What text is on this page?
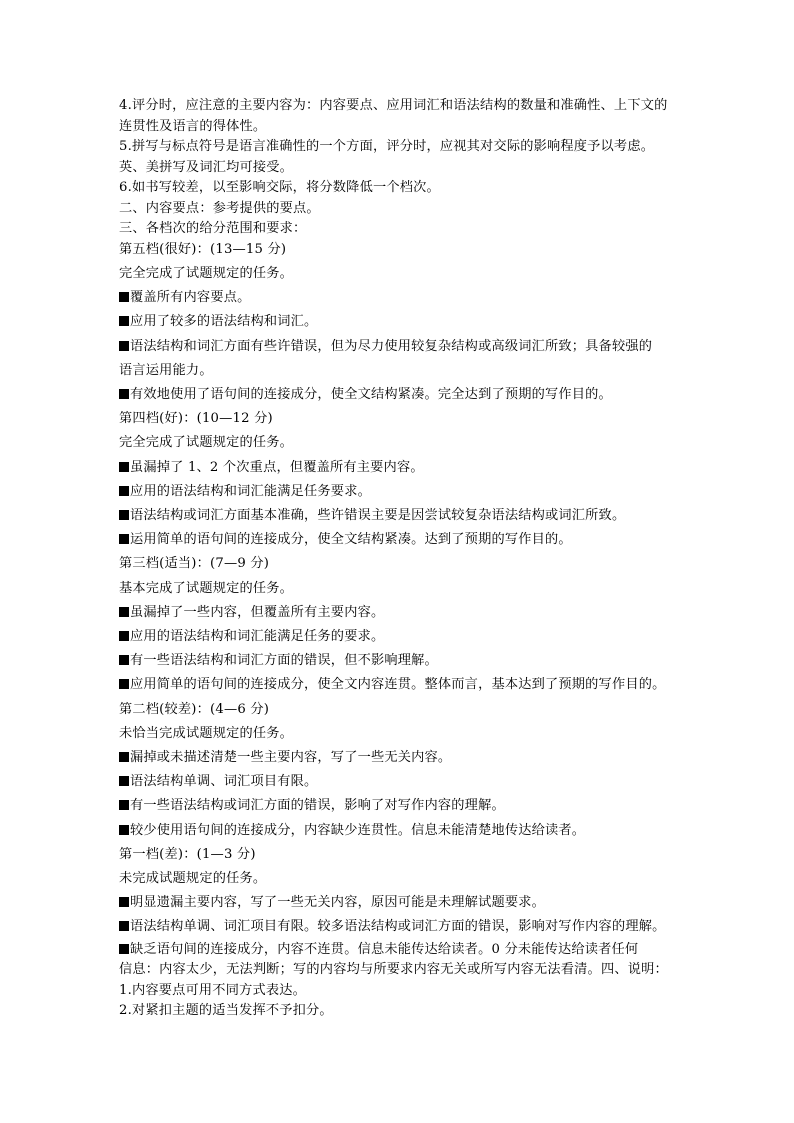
4.评分时，应注意的主要内容为：内容要点、应用词汇和语法结构的数量和准确性、上下文的
连贯性及语言的得体性。
5.拼写与标点符号是语言准确性的一个方面，评分时，应视其对交际的影响程度予以考虑。
英、美拼写及词汇均可接受。
6.如书写较差，以至影响交际，将分数降低一个档次。
二、内容要点：参考提供的要点。
三、各档次的给分范围和要求：
第五档(很好)：(13—15 分)
完全完成了试题规定的任务。
覆盖所有内容要点。
应用了较多的语法结构和词汇。
语法结构和词汇方面有些许错误，但为尽力使用较复杂结构或高级词汇所致；具备较强的
语言运用能力。
有效地使用了语句间的连接成分，使全文结构紧凑。完全达到了预期的写作目的。
第四档(好)：(10—12 分)
完全完成了试题规定的任务。
虽漏掉了 1、2 个次重点，但覆盖所有主要内容。
应用的语法结构和词汇能满足任务要求。
语法结构或词汇方面基本准确，些许错误主要是因尝试较复杂语法结构或词汇所致。
运用简单的语句间的连接成分，使全文结构紧凑。达到了预期的写作目的。
第三档(适当)：(7—9 分)
基本完成了试题规定的任务。
虽漏掉了一些内容，但覆盖所有主要内容。
应用的语法结构和词汇能满足任务的要求。
有一些语法结构和词汇方面的错误，但不影响理解。
应用简单的语句间的连接成分，使全文内容连贯。整体而言，基本达到了预期的写作目的。
第二档(较差)：(4—6 分)
未恰当完成试题规定的任务。
漏掉或未描述清楚一些主要内容，写了一些无关内容。
语法结构单调、词汇项目有限。
有一些语法结构或词汇方面的错误，影响了对写作内容的理解。
较少使用语句间的连接成分，内容缺少连贯性。信息未能清楚地传达给读者。
第一档(差)：(1—3 分)
未完成试题规定的任务。
明显遗漏主要内容，写了一些无关内容，原因可能是未理解试题要求。
语法结构单调、词汇项目有限。较多语法结构或词汇方面的错误，影响对写作内容的理解。
缺乏语句间的连接成分，内容不连贯。信息未能传达给读者。0 分未能传达给读者任何
信息：内容太少，无法判断；写的内容均与所要求内容无关或所写内容无法看清。四、说明：
1.内容要点可用不同方式表达。
2.对紧扣主题的适当发挥不予扣分。
